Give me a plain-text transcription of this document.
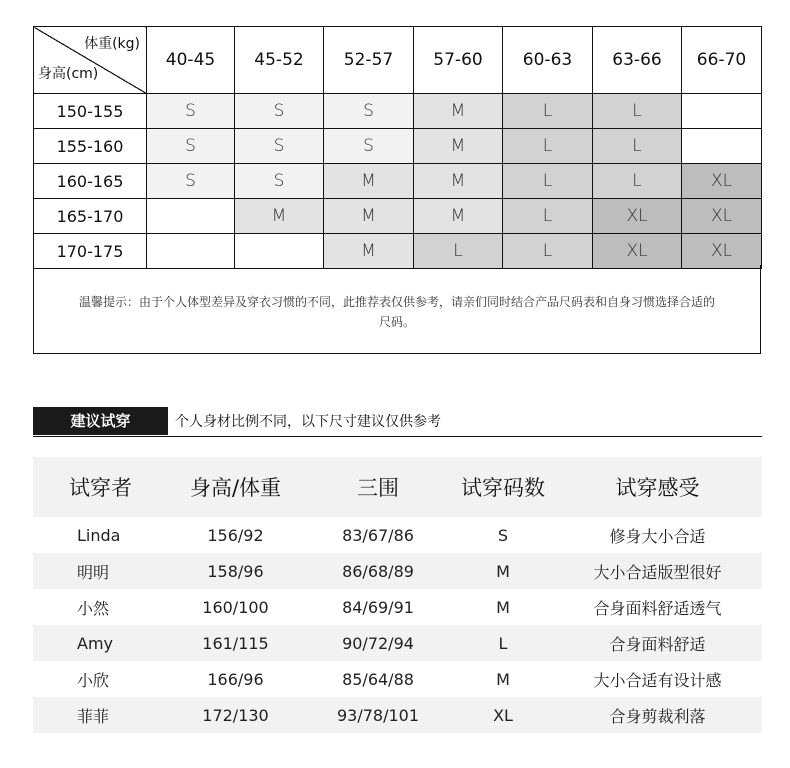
体重(kg)
身高(cm)	40-45	45-52	52-57	57-60	60-63	63-66	66-70
150-155	S	S	S	M	L	L	
155-160	S	S	S	M	L	L	
160-165	S	S	M	M	L	L	XL
165-170		M	M	M	L	XL	XL
170-175			M	L	L	XL	XL
温馨提示：由于个人体型差异及穿衣习惯的不同，此推荐表仅供参考，请亲们同时结合产品尺码表和自身习惯选择合适的尺码。
建议试穿	个人身材比例不同，以下尺寸建议仅供参考
试穿者	身高/体重	三围	试穿码数	试穿感受
Linda	156/92	83/67/86	S	修身大小合适
明明	158/96	86/68/89	M	大小合适版型很好
小然	160/100	84/69/91	M	合身面料舒适透气
Amy	161/115	90/72/94	L	合身面料舒适
小欣	166/96	85/64/88	M	大小合适有设计感
菲菲	172/130	93/78/101	XL	合身剪裁利落
